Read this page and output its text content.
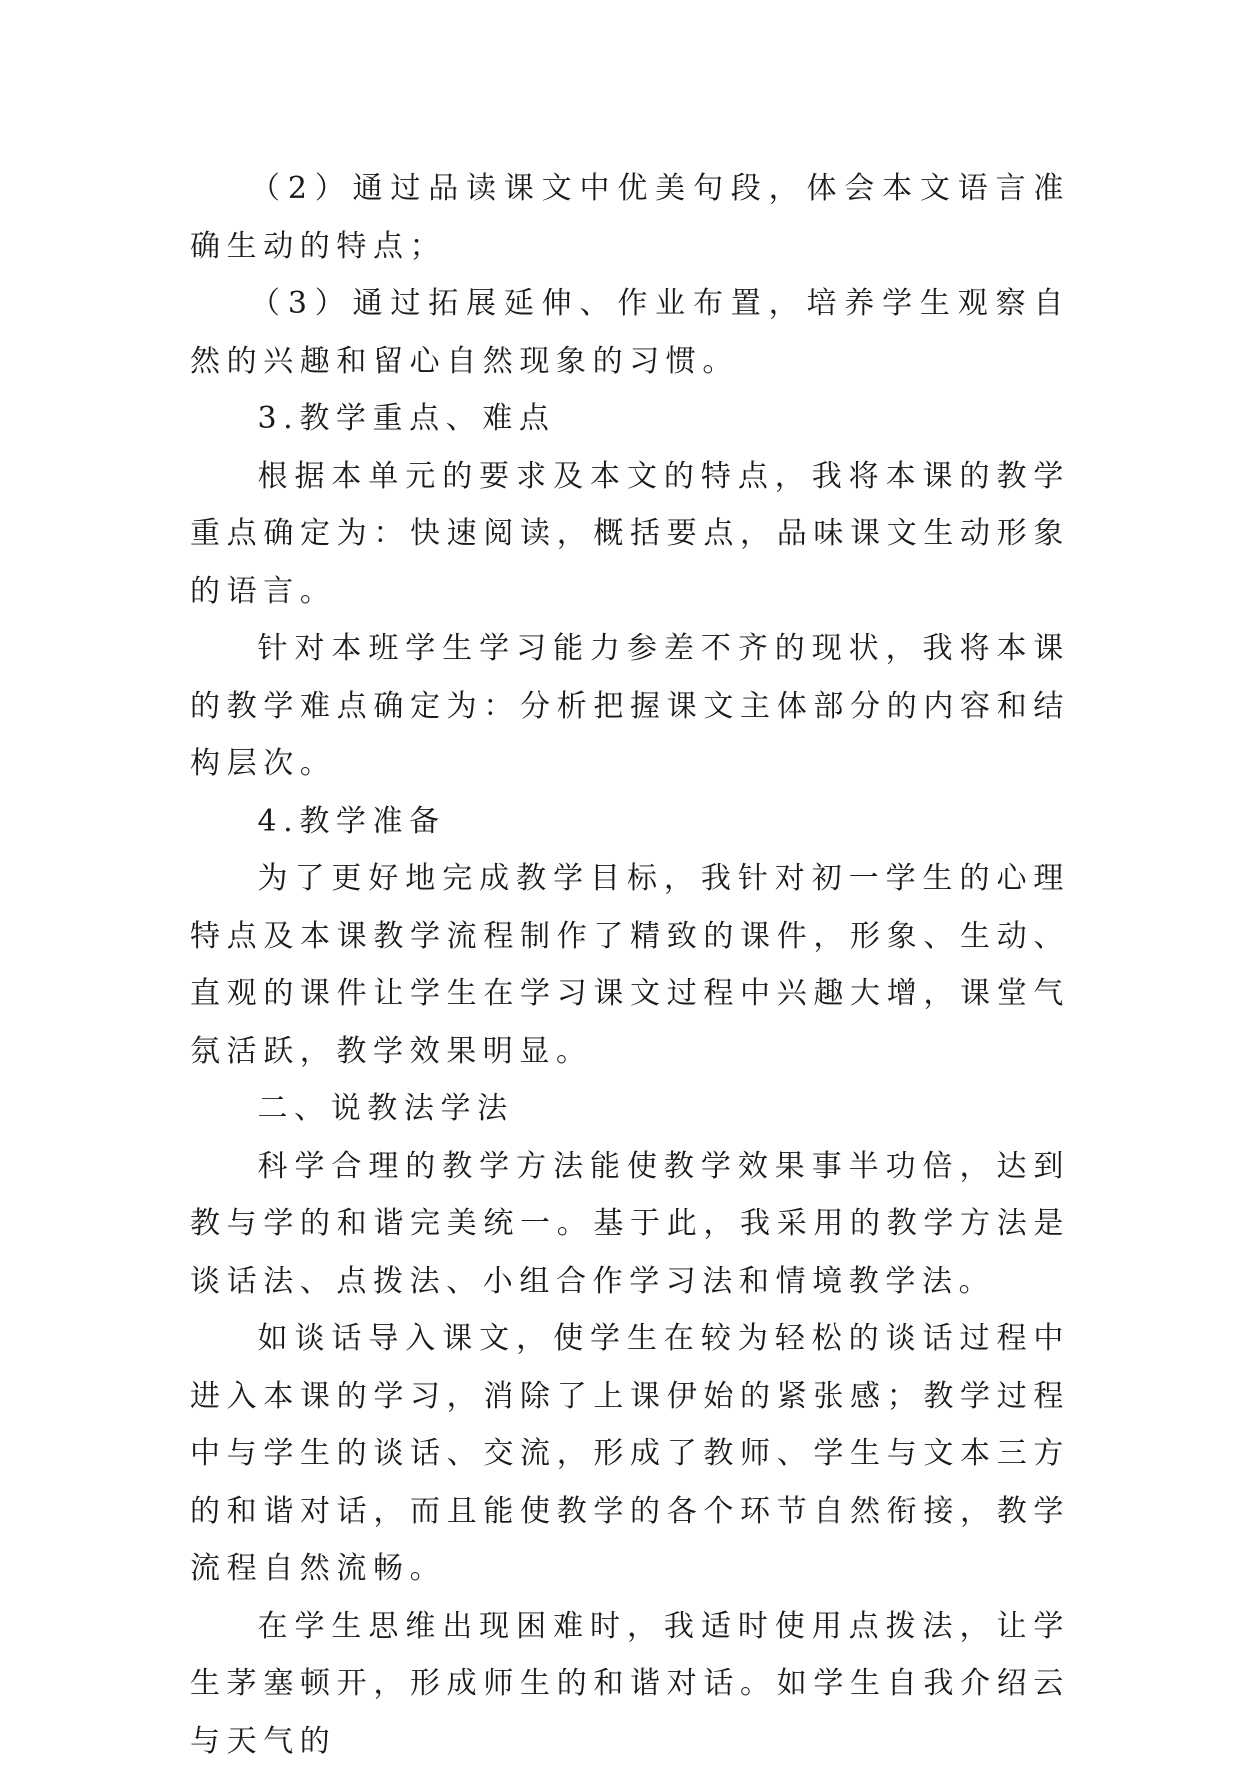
（2）通过品读课文中优美句段，体会本文语言准确生动的特点；

（3）通过拓展延伸、作业布置，培养学生观察自然的兴趣和留心自然现象的习惯。

3.教学重点、难点

根据本单元的要求及本文的特点，我将本课的教学重点确定为：快速阅读，概括要点，品味课文生动形象的语言。

针对本班学生学习能力参差不齐的现状，我将本课的教学难点确定为：分析把握课文主体部分的内容和结构层次。

4.教学准备

为了更好地完成教学目标，我针对初一学生的心理特点及本课教学流程制作了精致的课件，形象、生动、直观的课件让学生在学习课文过程中兴趣大增，课堂气氛活跃，教学效果明显。

二、说教法学法

科学合理的教学方法能使教学效果事半功倍，达到教与学的和谐完美统一。基于此，我采用的教学方法是谈话法、点拨法、小组合作学习法和情境教学法。

如谈话导入课文，使学生在较为轻松的谈话过程中进入本课的学习，消除了上课伊始的紧张感；教学过程中与学生的谈话、交流，形成了教师、学生与文本三方的和谐对话，而且能使教学的各个环节自然衔接，教学流程自然流畅。

在学生思维出现困难时，我适时使用点拨法，让学生茅塞顿开，形成师生的和谐对话。如学生自我介绍云与天气的
